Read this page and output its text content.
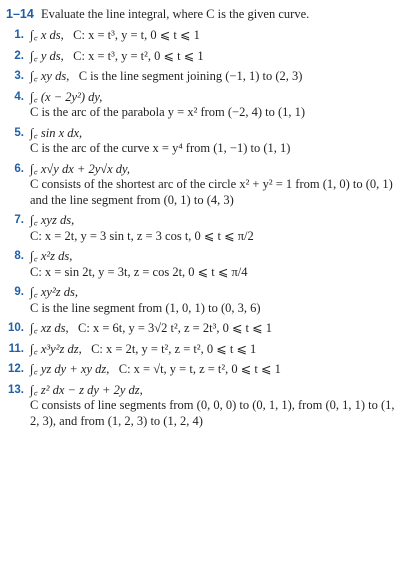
1–14 Evaluate the line integral, where C is the given curve.
1. ∫꜀ x ds, C: x = t³, y = t, 0 ⩽ t ⩽ 1
2. ∫꜀ y ds, C: x = t³, y = t², 0 ⩽ t ⩽ 1
3. ∫꜀ xy ds, C is the line segment joining (−1, 1) to (2, 3)
4. ∫꜀ (x − 2y²) dy,
C is the arc of the parabola y = x² from (−2, 4) to (1, 1)
5. ∫꜀ sin x dx,
C is the arc of the curve x = y⁴ from (1, −1) to (1, 1)
6. ∫꜀ x√y dx + 2y√x dy,
C consists of the shortest arc of the circle x² + y² = 1 from (1, 0) to (0, 1) and the line segment from (0, 1) to (4, 3)
7. ∫꜀ xyz ds,
C: x = 2t, y = 3 sin t, z = 3 cos t, 0 ⩽ t ⩽ π/2
8. ∫꜀ x²z ds,
C: x = sin 2t, y = 3t, z = cos 2t, 0 ⩽ t ⩽ π/4
9. ∫꜀ xy²z ds,
C is the line segment from (1, 0, 1) to (0, 3, 6)
10. ∫꜀ xz ds, C: x = 6t, y = 3√2 t², z = 2t³, 0 ⩽ t ⩽ 1
11. ∫꜀ x³y²z dz, C: x = 2t, y = t², z = t², 0 ⩽ t ⩽ 1
12. ∫꜀ yz dy + xy dz, C: x = √t, y = t, z = t², 0 ⩽ t ⩽ 1
13. ∫꜀ z² dx − z dy + 2y dz,
C consists of line segments from (0, 0, 0) to (0, 1, 1), from (0, 1, 1) to (1, 2, 3), and from (1, 2, 3) to (1, 2, 4)
